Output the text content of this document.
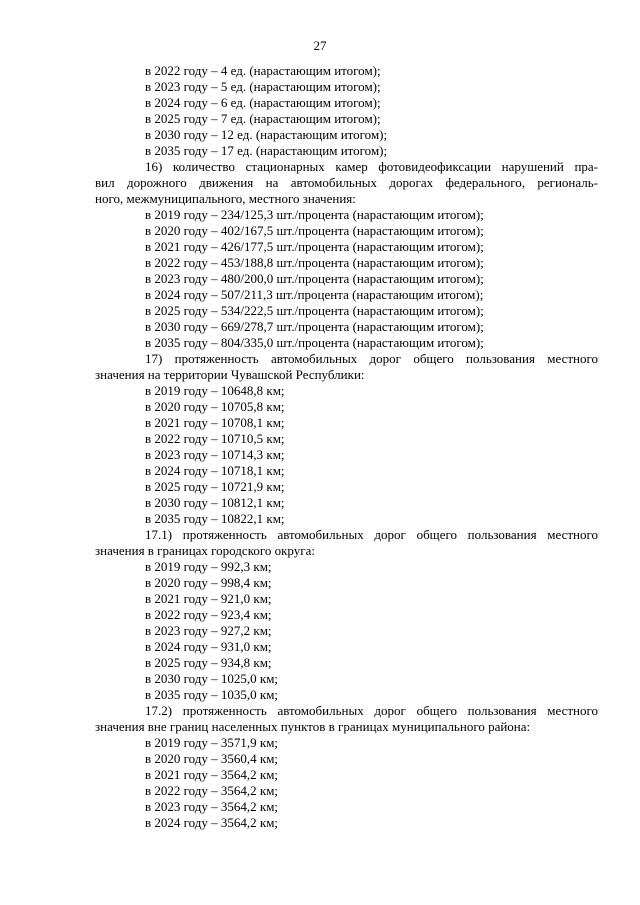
27
в 2022 году – 4 ед. (нарастающим итогом);
в 2023 году – 5 ед. (нарастающим итогом);
в 2024 году – 6 ед. (нарастающим итогом);
в 2025 году – 7 ед. (нарастающим итогом);
в 2030 году – 12 ед. (нарастающим итогом);
в 2035 году – 17 ед. (нарастающим итогом);
16) количество стационарных камер фотовидеофиксации нарушений пра-
вил дорожного движения на автомобильных дорогах федерального, региональ-
ного, межмуниципального, местного значения:
в 2019 году – 234/125,3 шт./процента (нарастающим итогом);
в 2020 году – 402/167,5 шт./процента (нарастающим итогом);
в 2021 году – 426/177,5 шт./процента (нарастающим итогом);
в 2022 году – 453/188,8 шт./процента (нарастающим итогом);
в 2023 году – 480/200,0 шт./процента (нарастающим итогом);
в 2024 году – 507/211,3 шт./процента (нарастающим итогом);
в 2025 году – 534/222,5 шт./процента (нарастающим итогом);
в 2030 году – 669/278,7 шт./процента (нарастающим итогом);
в 2035 году – 804/335,0 шт./процента (нарастающим итогом);
17) протяженность автомобильных дорог общего пользования местного
значения на территории Чувашской Республики:
в 2019 году – 10648,8 км;
в 2020 году – 10705,8 км;
в 2021 году – 10708,1 км;
в 2022 году – 10710,5 км;
в 2023 году – 10714,3 км;
в 2024 году – 10718,1 км;
в 2025 году – 10721,9 км;
в 2030 году – 10812,1 км;
в 2035 году – 10822,1 км;
17.1) протяженность автомобильных дорог общего пользования местного
значения в границах городского округа:
в 2019 году – 992,3 км;
в 2020 году – 998,4 км;
в 2021 году – 921,0 км;
в 2022 году – 923,4 км;
в 2023 году – 927,2 км;
в 2024 году – 931,0 км;
в 2025 году – 934,8 км;
в 2030 году – 1025,0 км;
в 2035 году – 1035,0 км;
17.2) протяженность автомобильных дорог общего пользования местного
значения вне границ населенных пунктов в границах муниципального района:
в 2019 году – 3571,9 км;
в 2020 году – 3560,4 км;
в 2021 году – 3564,2 км;
в 2022 году – 3564,2 км;
в 2023 году – 3564,2 км;
в 2024 году – 3564,2 км;
